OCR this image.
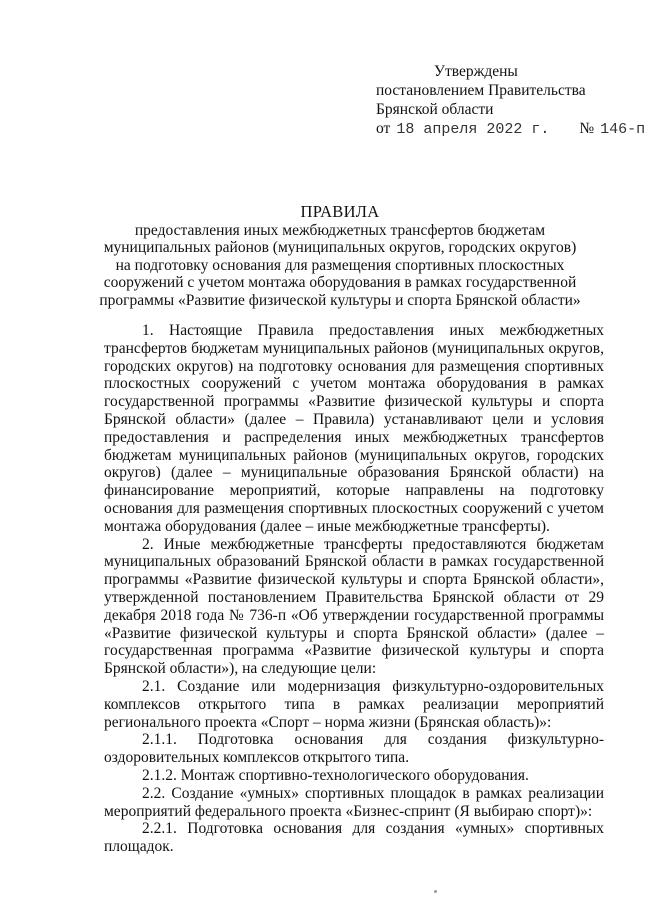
Утверждены
постановлением Правительства
Брянской области
от 18 апреля 2022 г. № 146-п
ПРАВИЛА
предоставления иных межбюджетных трансфертов бюджетам
муниципальных районов (муниципальных округов, городских округов)
на подготовку основания для размещения спортивных плоскостных
сооружений с учетом монтажа оборудования в рамках государственной
программы «Развитие физической культуры и спорта Брянской области»

1. Настоящие Правила предоставления иных межбюджетных трансфертов бюджетам муниципальных районов (муниципальных округов, городских округов) на подготовку основания для размещения спортивных плоскостных сооружений с учетом монтажа оборудования в рамках государственной программы «Развитие физической культуры и спорта Брянской области» (далее – Правила) устанавливают цели и условия предоставления и распределения иных межбюджетных трансфертов бюджетам муниципальных районов (муниципальных округов, городских округов) (далее – муниципальные образования Брянской области) на финансирование мероприятий, которые направлены на подготовку основания для размещения спортивных плоскостных сооружений с учетом монтажа оборудования (далее – иные межбюджетные трансферты).

2. Иные межбюджетные трансферты предоставляются бюджетам муниципальных образований Брянской области в рамках государственной программы «Развитие физической культуры и спорта Брянской области», утвержденной постановлением Правительства Брянской области от 29 декабря 2018 года № 736-п «Об утверждении государственной программы «Развитие физической культуры и спорта Брянской области» (далее – государственная программа «Развитие физической культуры и спорта Брянской области»), на следующие цели:

2.1. Создание или модернизация физкультурно-оздоровительных комплексов открытого типа в рамках реализации мероприятий регионального проекта «Спорт – норма жизни (Брянская область)»:

2.1.1. Подготовка основания для создания физкультурно-оздоровительных комплексов открытого типа.

2.1.2. Монтаж спортивно-технологического оборудования.

2.2. Создание «умных» спортивных площадок в рамках реализации мероприятий федерального проекта «Бизнес-спринт (Я выбираю спорт)»:

2.2.1. Подготовка основания для создания «умных» спортивных площадок.
